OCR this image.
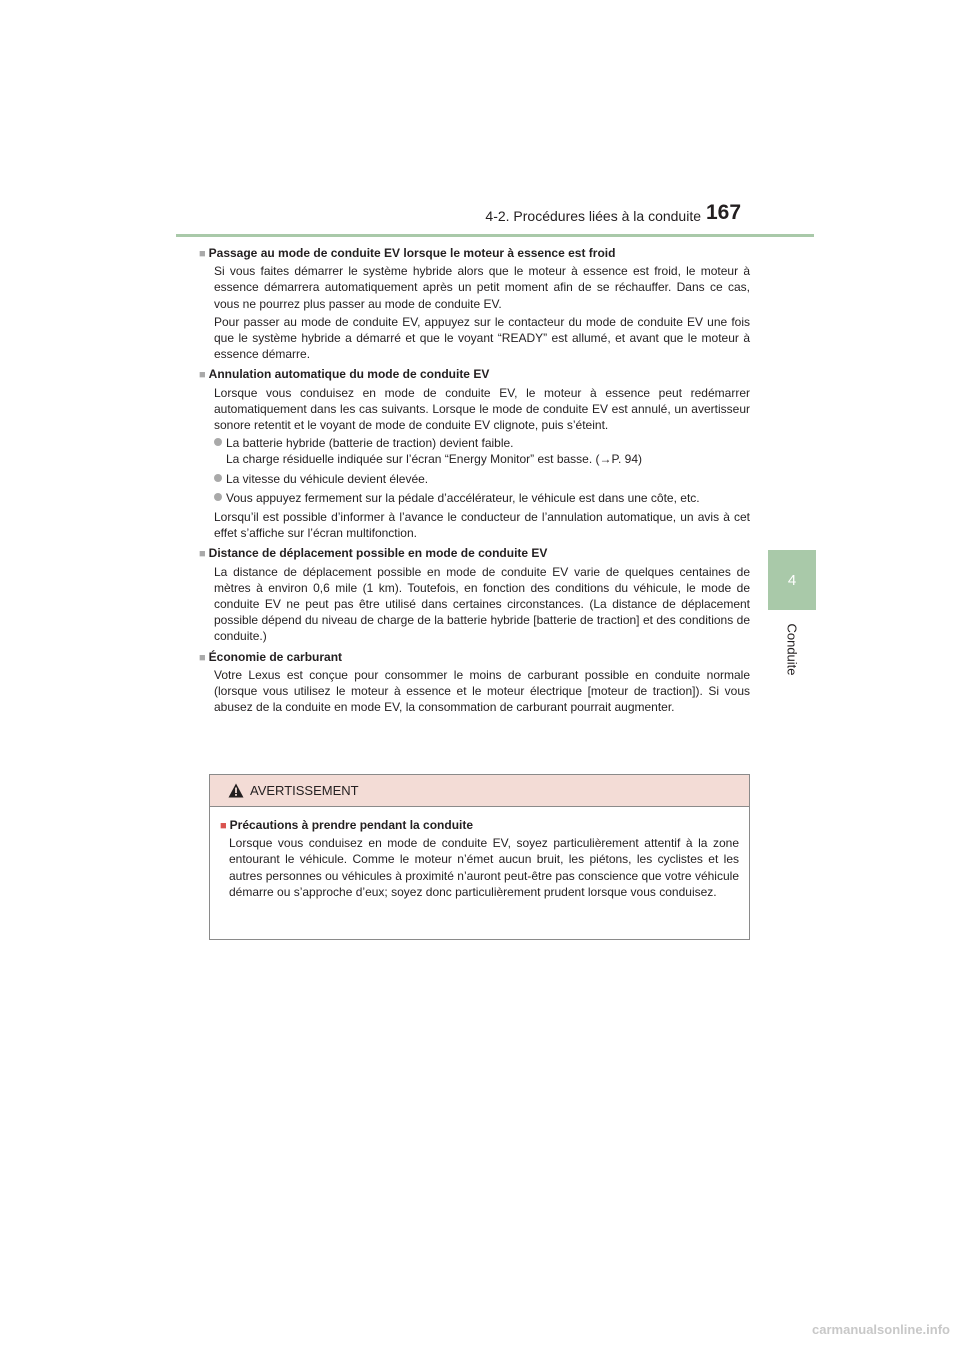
4-2. Procédures liées à la conduite 167
4
Conduite
■ Passage au mode de conduite EV lorsque le moteur à essence est froid
Si vous faites démarrer le système hybride alors que le moteur à essence est froid, le moteur à essence démarrera automatiquement après un petit moment afin de se réchauffer. Dans ce cas, vous ne pourrez plus passer au mode de conduite EV.
Pour passer au mode de conduite EV, appuyez sur le contacteur du mode de conduite EV une fois que le système hybride a démarré et que le voyant “READY” est allumé, et avant que le moteur à essence démarre.
■ Annulation automatique du mode de conduite EV
Lorsque vous conduisez en mode de conduite EV, le moteur à essence peut redémarrer automatiquement dans les cas suivants. Lorsque le mode de conduite EV est annulé, un avertisseur sonore retentit et le voyant de mode de conduite EV clignote, puis s’éteint.
La batterie hybride (batterie de traction) devient faible.
La charge résiduelle indiquée sur l’écran “Energy Monitor” est basse. (→P. 94)
La vitesse du véhicule devient élevée.
Vous appuyez fermement sur la pédale d’accélérateur, le véhicule est dans une côte, etc.
Lorsqu’il est possible d’informer à l’avance le conducteur de l’annulation automatique, un avis à cet effet s’affiche sur l’écran multifonction.
■ Distance de déplacement possible en mode de conduite EV
La distance de déplacement possible en mode de conduite EV varie de quelques centaines de mètres à environ 0,6 mile (1 km). Toutefois, en fonction des conditions du véhicule, le mode de conduite EV ne peut pas être utilisé dans certaines circonstances. (La distance de déplacement possible dépend du niveau de charge de la batterie hybride [batterie de traction] et des conditions de conduite.)
■ Économie de carburant
Votre Lexus est conçue pour consommer le moins de carburant possible en conduite normale (lorsque vous utilisez le moteur à essence et le moteur électrique [moteur de traction]). Si vous abusez de la conduite en mode EV, la consommation de carburant pourrait augmenter.
AVERTISSEMENT
■ Précautions à prendre pendant la conduite
Lorsque vous conduisez en mode de conduite EV, soyez particulièrement attentif à la zone entourant le véhicule. Comme le moteur n’émet aucun bruit, les piétons, les cyclistes et les autres personnes ou véhicules à proximité n’auront peut-être pas conscience que votre véhicule démarre ou s’approche d’eux; soyez donc particulièrement prudent lorsque vous conduisez.
carmanualsonline.info
